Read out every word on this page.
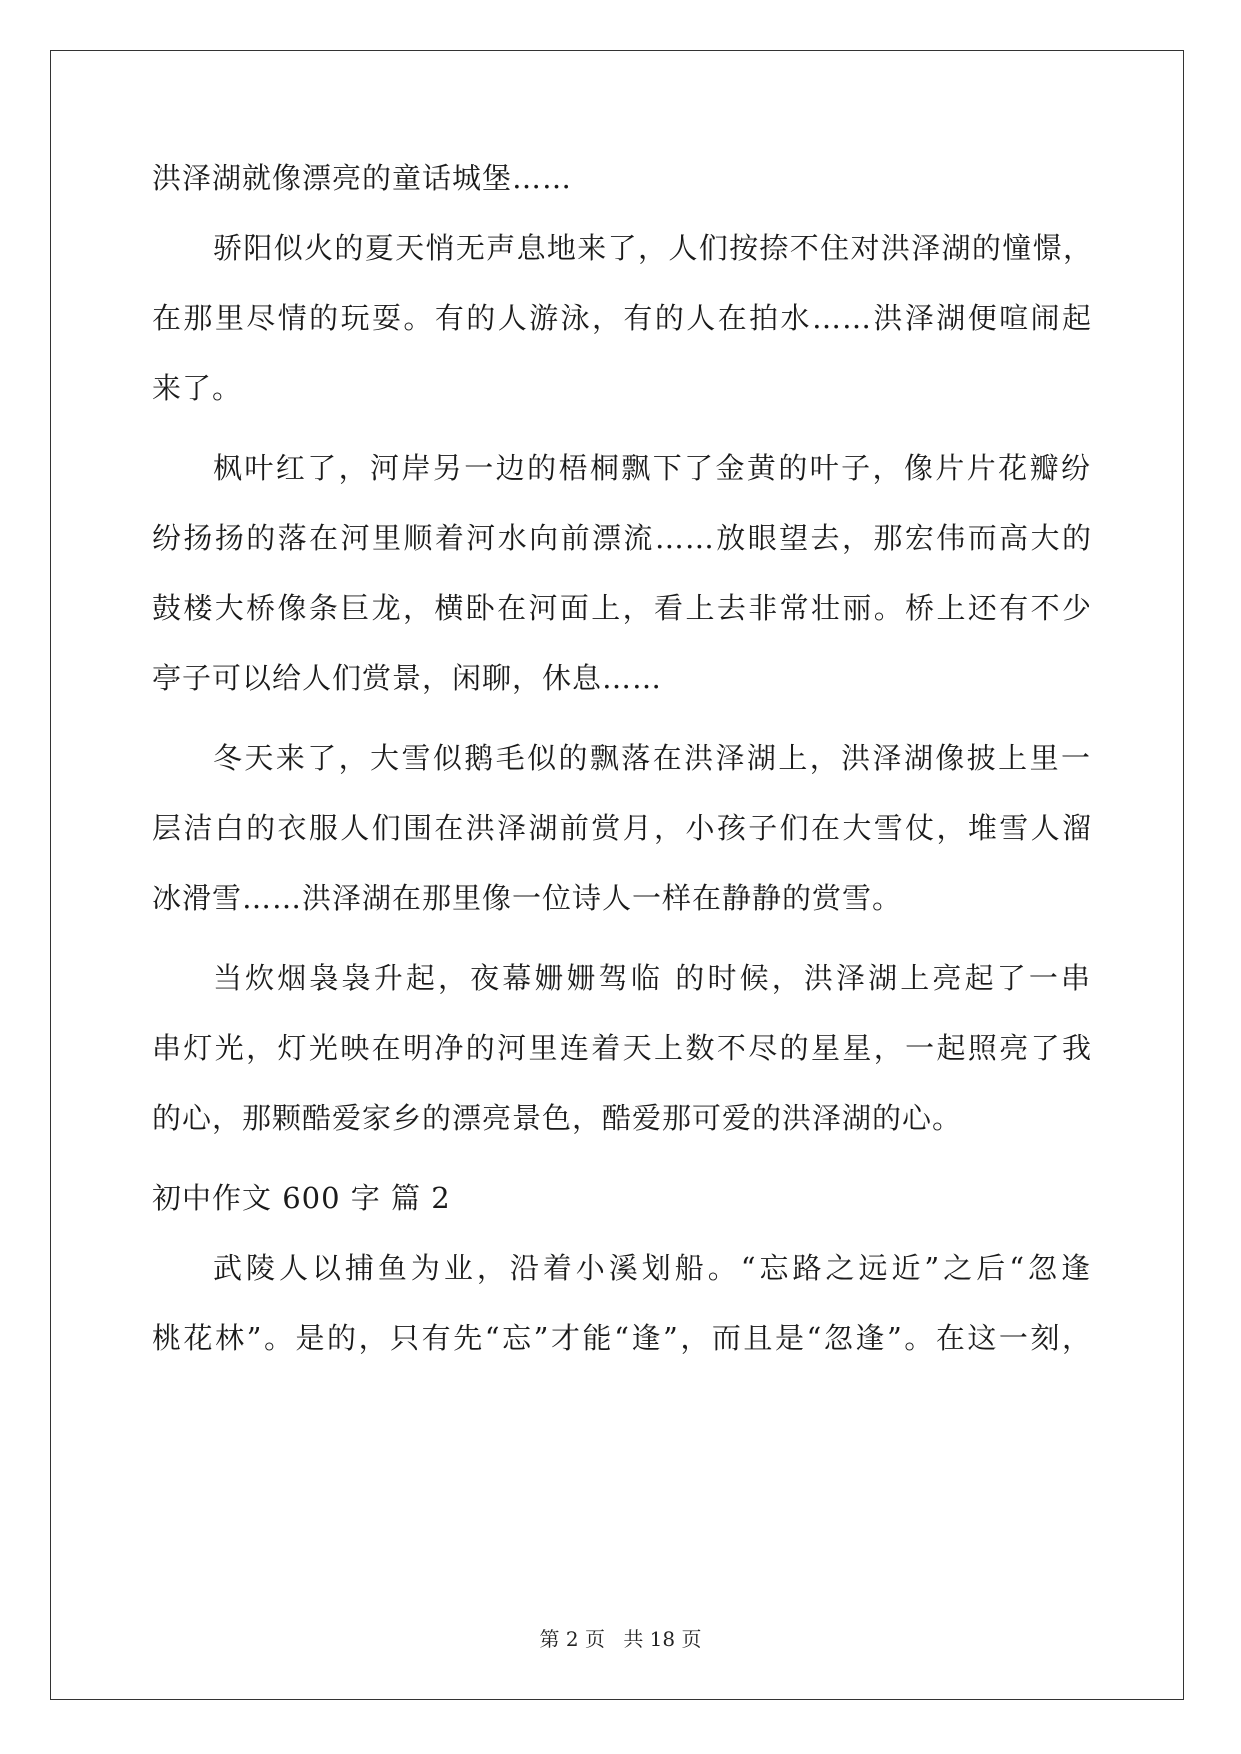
洪泽湖就像漂亮的童话城堡……
骄阳似火的夏天悄无声息地来了，人们按捺不住对洪泽湖的憧憬，
在那里尽情的玩耍。有的人游泳，有的人在拍水……洪泽湖便喧闹起
来了。
枫叶红了，河岸另一边的梧桐飘下了金黄的叶子，像片片花瓣纷
纷扬扬的落在河里顺着河水向前漂流……放眼望去，那宏伟而高大的
鼓楼大桥像条巨龙，横卧在河面上，看上去非常壮丽。桥上还有不少
亭子可以给人们赏景，闲聊，休息……
冬天来了，大雪似鹅毛似的飘落在洪泽湖上，洪泽湖像披上里一
层洁白的衣服人们围在洪泽湖前赏月，小孩子们在大雪仗，堆雪人溜
冰滑雪……洪泽湖在那里像一位诗人一样在静静的赏雪。
当炊烟袅袅升起，夜幕姗姗驾临 的时候，洪泽湖上亮起了一串
串灯光，灯光映在明净的河里连着天上数不尽的星星，一起照亮了我
的心，那颗酷爱家乡的漂亮景色，酷爱那可爱的洪泽湖的心。
初中作文 600 字 篇 2
武陵人以捕鱼为业，沿着小溪划船。“忘路之远近”之后“忽逢
桃花林”。是的，只有先“忘”才能“逢”，而且是“忽逢”。在这一刻，
第 2 页 共 18 页
